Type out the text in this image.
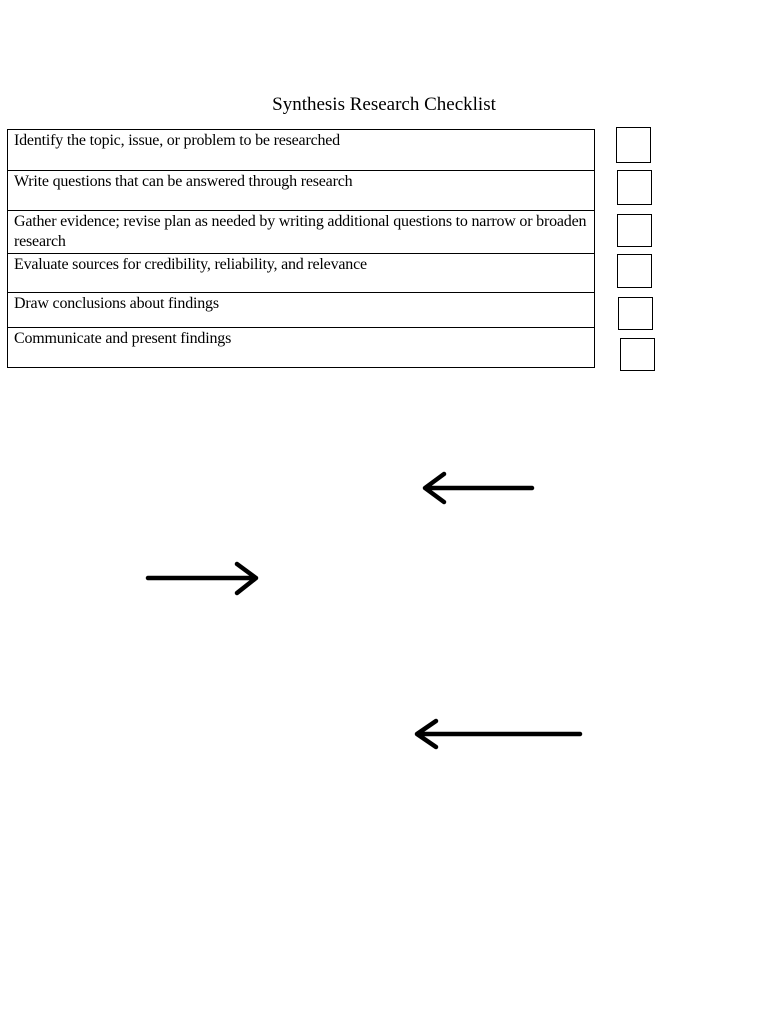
Synthesis Research Checklist
Identify the topic, issue, or problem to be researched
Write questions that can be answered through research
Gather evidence; revise plan as needed by writing additional questions to narrow or broaden research
Evaluate sources for credibility, reliability, and relevance
Draw conclusions about findings
Communicate and present findings
